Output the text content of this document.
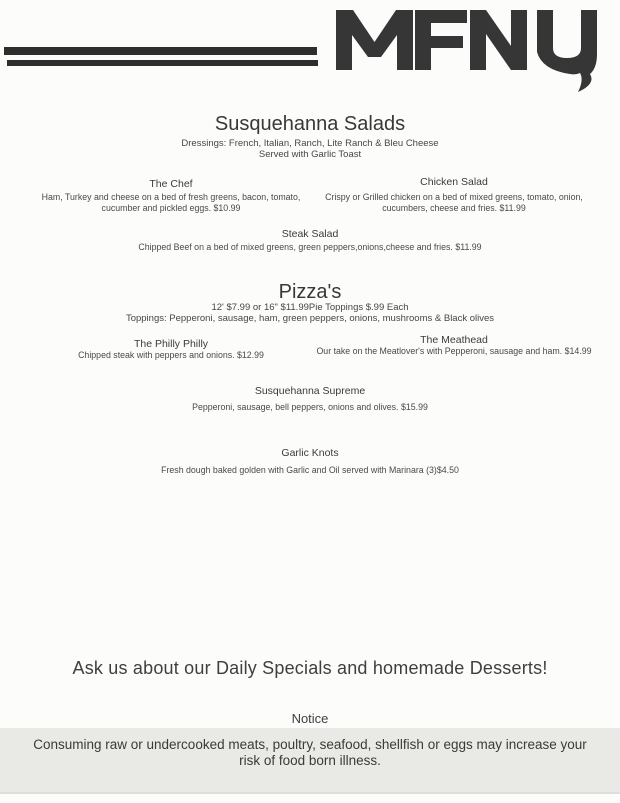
Susquehanna Salads
Dressings: French, Italian, Ranch, Lite Ranch & Bleu Cheese
Served with Garlic Toast
The Chef
Ham, Turkey and cheese on a bed of fresh greens, bacon, tomato, cucumber and pickled eggs. $10.99
Chicken Salad
Crispy or Grilled chicken on a bed of mixed greens, tomato, onion, cucumbers, cheese and fries. $11.99
Steak Salad
Chipped Beef on a bed of mixed greens, green peppers,onions,cheese and fries. $11.99
Pizza's
12' $7.99 or 16" $11.99Pie Toppings $.99 Each
Toppings: Pepperoni, sausage, ham, green peppers, onions, mushrooms & Black olives
The Philly Philly
Chipped steak with peppers and onions. $12.99
The Meathead
Our take on the Meatlover's with Pepperoni, sausage and ham. $14.99
Susquehanna Supreme
Pepperoni, sausage, bell peppers, onions and olives. $15.99
Garlic Knots
Fresh dough baked golden with Garlic and Oil served with Marinara (3)$4.50
Ask us about our Daily Specials and homemade Desserts!
Notice
Consuming raw or undercooked meats, poultry, seafood, shellfish or eggs may increase your risk of food born illness.
